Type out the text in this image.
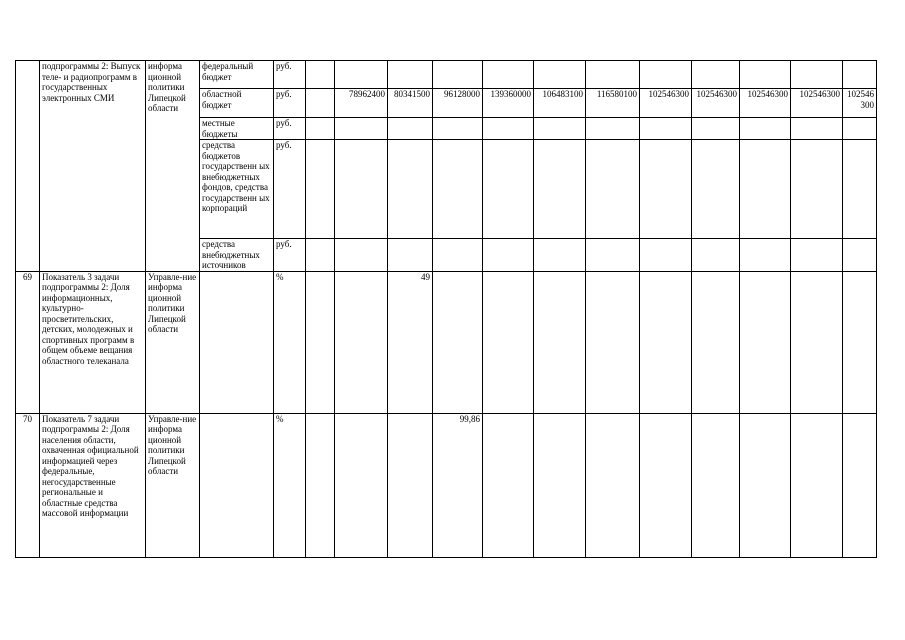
	подпрограммы 2: Выпуск теле- и радиопрограмм в государственных электронных СМИ	информа ционной политики Липецкой области	федеральный бюджет	руб.												
			областной бюджет	руб.		78962400	80341500	96128000	139360000	106483100	116580100	102546300	102546300	102546300	102546300	102546 300
			местные бюджеты	руб.												
			средства бюджетов государственн ых внебюджетных фондов, средства государственн ых корпораций	руб.												
			средства внебюджетных источников	руб.												
69	Показатель 3 задачи подпрограммы 2: Доля информационных, культурно-просветительских, детских, молодежных и спортивных программ в общем объеме вещания областного телеканала	Управле-ние информа ционной политики Липецкой области		%			49									
70	Показатель 7 задачи подпрограммы 2: Доля населения области, охваченная официальной информацией через федеральные, негосударственные региональные и областные средства массовой информации	Управле-ние информа ционной политики Липецкой области		%				99,86								
